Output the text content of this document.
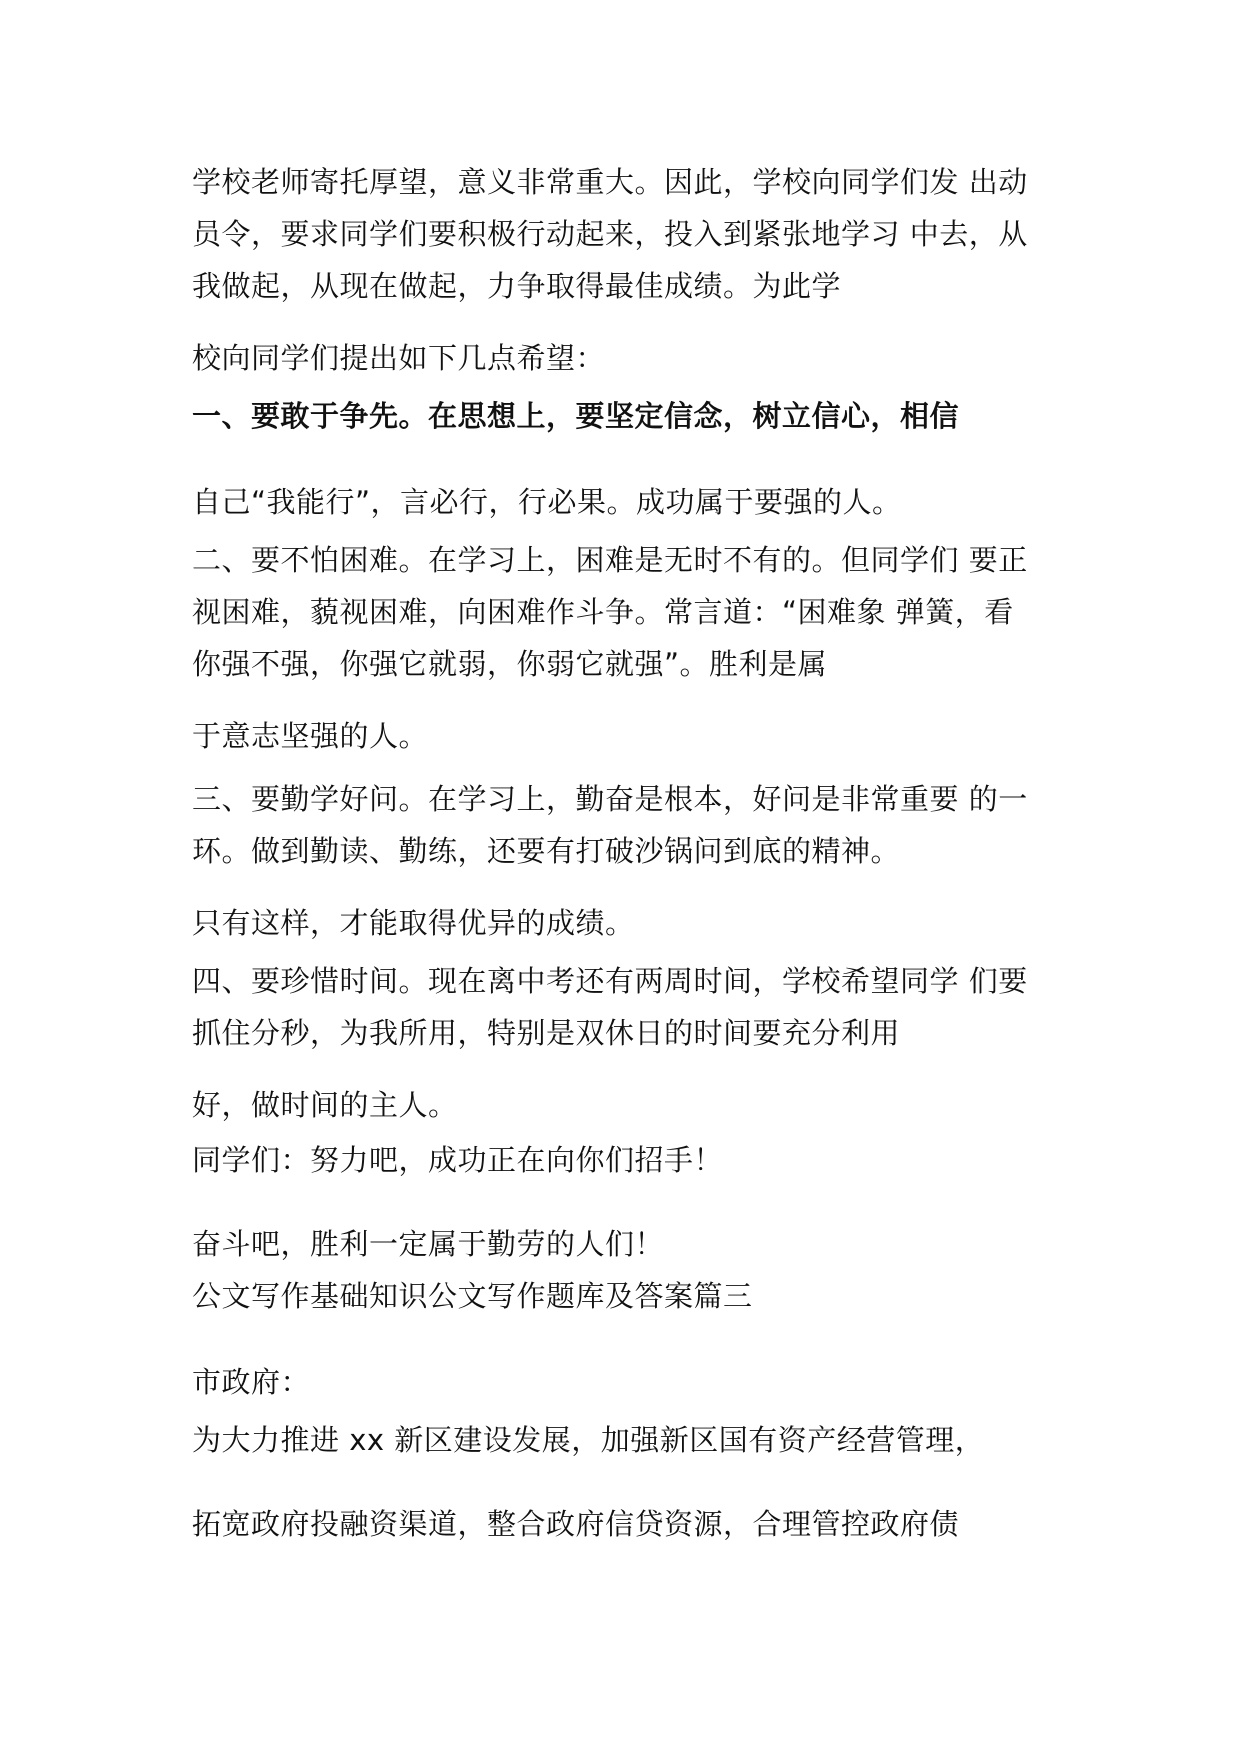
学校老师寄托厚望，意义非常重大。因此，学校向同学们发 出动
员令，要求同学们要积极行动起来，投入到紧张地学习 中去，从
我做起，从现在做起，力争取得最佳成绩。为此学
校向同学们提出如下几点希望：
一、要敢于争先。在思想上，要坚定信念，树立信心，相信
自己“我能行”，言必行，行必果。成功属于要强的人。
二、要不怕困难。在学习上，困难是无时不有的。但同学们 要正
视困难，藐视困难，向困难作斗争。常言道：“困难象 弹簧，看
你强不强，你强它就弱，你弱它就强”。胜利是属
于意志坚强的人。
三、要勤学好问。在学习上，勤奋是根本，好问是非常重要 的一
环。做到勤读、勤练，还要有打破沙锅问到底的精神。
只有这样，才能取得优异的成绩。
四、要珍惜时间。现在离中考还有两周时间，学校希望同学 们要
抓住分秒，为我所用，特别是双休日的时间要充分利用
好，做时间的主人。
同学们：努力吧，成功正在向你们招手！
奋斗吧，胜利一定属于勤劳的人们！
公文写作基础知识公文写作题库及答案篇三
市政府：
为大力推进 xx 新区建设发展，加强新区国有资产经营管理，
拓宽政府投融资渠道，整合政府信贷资源，合理管控政府债
